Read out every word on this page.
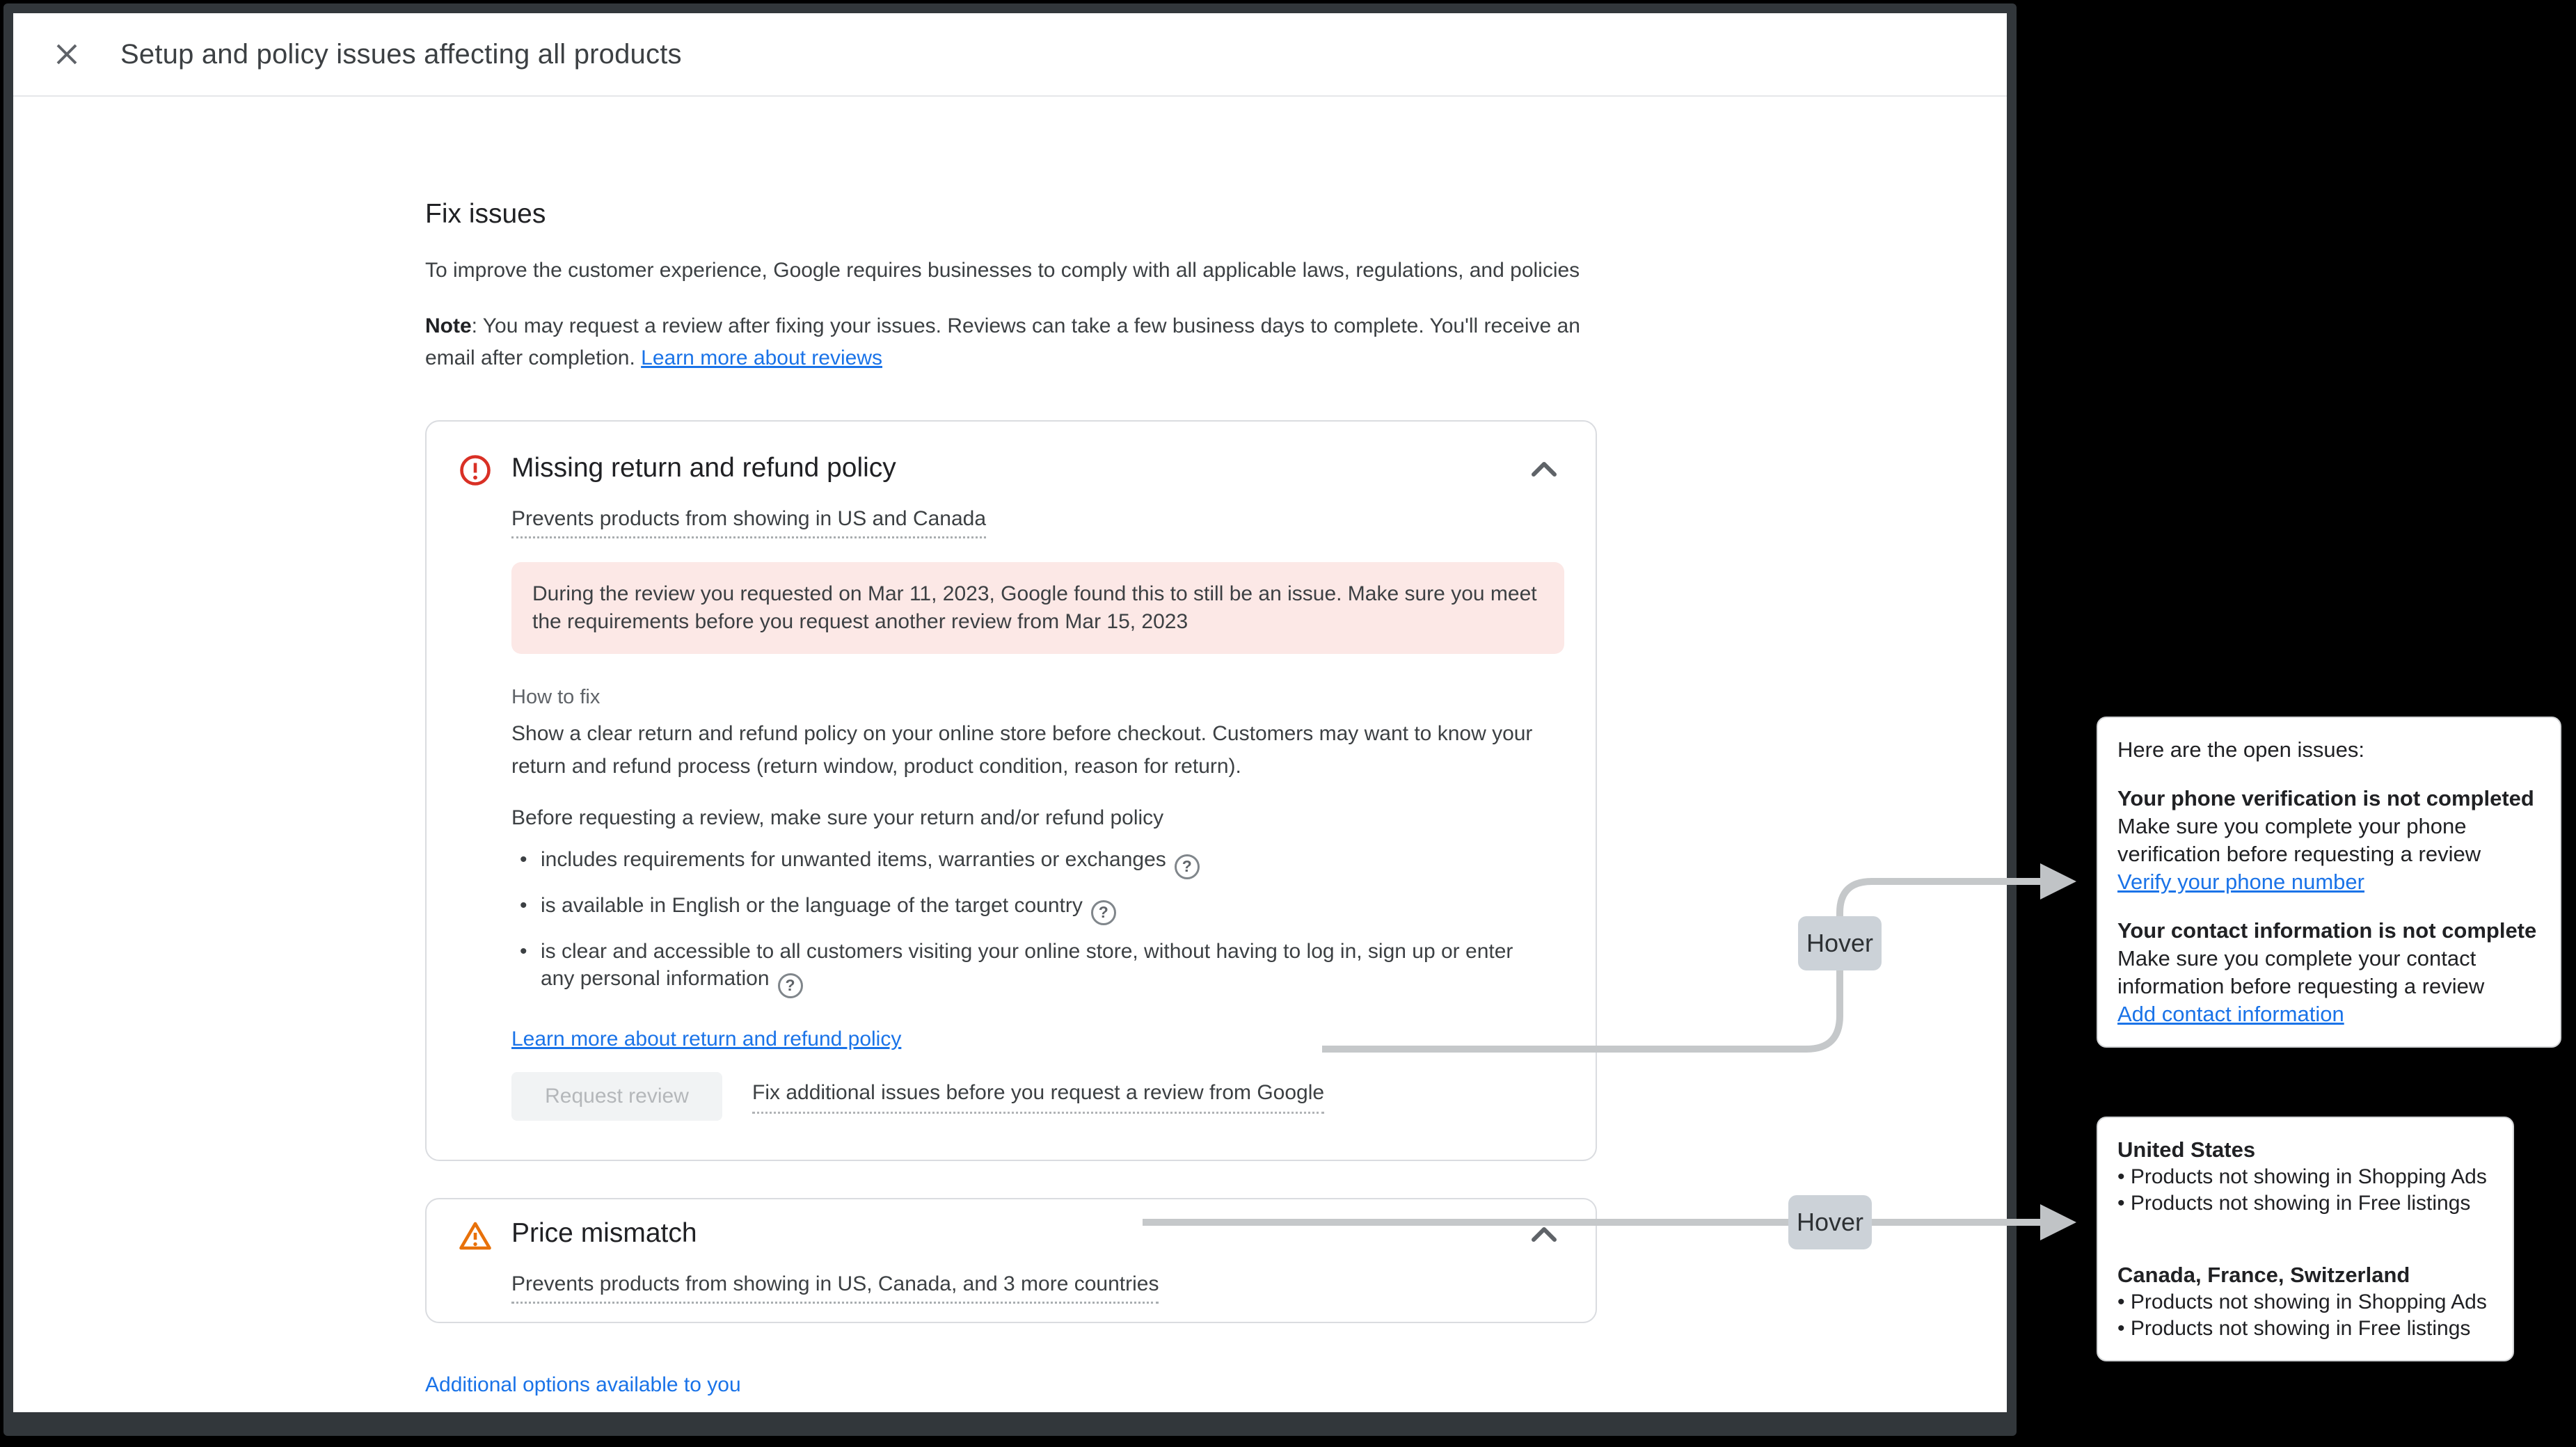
Setup and policy issues affecting all products
Fix issues
To improve the customer experience, Google requires businesses to comply with all applicable laws, regulations, and policies
Note: You may request a review after fixing your issues. Reviews can take a few business days to complete. You'll receive an email after completion. Learn more about reviews
Missing return and refund policy

Prevents products from showing in US and Canada
During the review you requested on Mar 11, 2023, Google found this to still be an issue. Make sure you meet the requirements before you request another review from Mar 15, 2023
How to fix
Show a clear return and refund policy on your online store before checkout. Customers may want to know your return and refund process (return window, product condition, reason for return).
Before requesting a review, make sure your return and/or refund policy
• includes requirements for unwanted items, warranties or exchanges ?
• is available in English or the language of the target country ?
• is clear and accessible to all customers visiting your online store, without having to log in, sign up or enter any personal information ?
Learn more about return and refund policy
Request review	Fix additional issues before you request a review from Google
Price mismatch

Prevents products from showing in US, Canada, and 3 more countries
Additional options available to you
Hover
Hover
Here are the open issues:
Your phone verification is not completed
Make sure you complete your phone verification before requesting a review
Verify your phone number
Your contact information is not complete
Make sure you complete your contact information before requesting a review
Add contact information
United States
• Products not showing in Shopping Ads
• Products not showing in Free listings
Canada, France, Switzerland
• Products not showing in Shopping Ads
• Products not showing in Free listings
